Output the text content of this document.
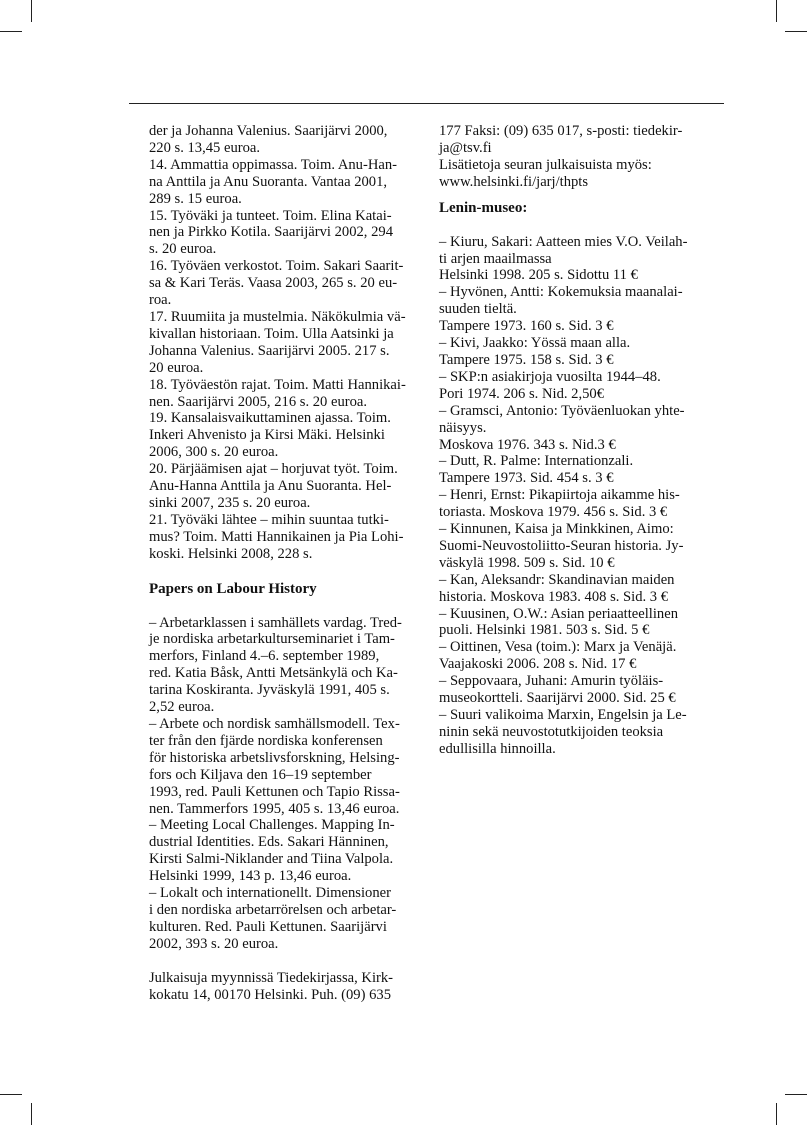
der ja Johanna Valenius. Saarijärvi 2000,
220 s. 13,45 euroa.

14. Ammattia oppimassa. Toim. Anu-Han-
na Anttila ja Anu Suoranta. Vantaa 2001,
289 s. 15 euroa.

15. Työväki ja tunteet. Toim. Elina Katai-
nen ja Pirkko Kotila. Saarijärvi 2002, 294
s. 20 euroa.

16. Työväen verkostot. Toim. Sakari Saarit-
sa & Kari Teräs. Vaasa 2003, 265 s. 20 eu-
roa.

17. Ruumiita ja mustelmia. Näkökulmia vä-
kivallan historiaan. Toim. Ulla Aatsinki ja
Johanna Valenius. Saarijärvi 2005. 217 s.
20 euroa.

18. Työväestön rajat. Toim. Matti Hannikai-
nen. Saarijärvi 2005, 216 s. 20 euroa.

19. Kansalaisvaikuttaminen ajassa. Toim.
Inkeri Ahvenisto ja Kirsi Mäki. Helsinki
2006, 300 s. 20 euroa.

20. Pärjäämisen ajat – horjuvat työt. Toim.
Anu-Hanna Anttila ja Anu Suoranta. Hel-
sinki 2007, 235 s. 20 euroa.

21. Työväki lähtee – mihin suuntaa tutki-
mus? Toim. Matti Hannikainen ja Pia Lohi-
koski. Helsinki 2008, 228 s.

Papers on Labour History

– Arbetarklassen i samhällets vardag. Tred-
je nordiska arbetarkulturseminariet i Tam-
merfors, Finland 4.–6. september 1989,
red. Katia Båsk, Antti Metsänkylä och Ka-
tarina Koskiranta. Jyväskylä 1991, 405 s.
2,52 euroa.

– Arbete och nordisk samhällsmodell. Tex-
ter från den fjärde nordiska konferensen
för historiska arbetslivsforskning, Helsing-
fors och Kiljava den 16–19 september
1993, red. Pauli Kettunen och Tapio Rissa-
nen. Tammerfors 1995, 405 s. 13,46 euroa.

– Meeting Local Challenges. Mapping In-
dustrial Identities. Eds. Sakari Hänninen,
Kirsti Salmi-Niklander and Tiina Valpola.
Helsinki 1999, 143 p. 13,46 euroa.

– Lokalt och internationellt. Dimensioner
i den nordiska arbetarrörelsen och arbetar-
kulturen. Red. Pauli Kettunen. Saarijärvi
2002, 393 s. 20 euroa.

Julkaisuja myynnissä Tiedekirjassa, Kirk-
kokatu 14, 00170 Helsinki. Puh. (09) 635

177 Faksi: (09) 635 017, s-posti: tiedekir-
ja@tsv.fi
Lisätietoja seuran julkaisuista myös:
www.helsinki.fi/jarj/thpts

Lenin-museo:

– Kiuru, Sakari: Aatteen mies V.O. Veilah-
ti arjen maailmassa
Helsinki 1998. 205 s. Sidottu 11 €

– Hyvönen, Antti: Kokemuksia maanalai-
suuden tieltä.
Tampere 1973. 160 s. Sid. 3 €

– Kivi, Jaakko: Yössä maan alla.
Tampere 1975. 158 s. Sid. 3 €

– SKP:n asiakirjoja vuosilta 1944–48.
Pori 1974. 206 s. Nid. 2,50€

– Gramsci, Antonio: Työväenluokan yhte-
näisyys.
Moskova 1976. 343 s. Nid.3 €

– Dutt, R. Palme: Internationzali.
Tampere 1973. Sid. 454 s. 3 €

– Henri, Ernst: Pikapiirtoja aikamme his-
toriasta. Moskova 1979. 456 s. Sid. 3 €

– Kinnunen, Kaisa ja Minkkinen, Aimo:
Suomi-Neuvostoliitto-Seuran historia. Jy-
väskylä 1998. 509 s. Sid. 10 €

– Kan, Aleksandr: Skandinavian maiden
historia. Moskova 1983. 408 s. Sid. 3 €

– Kuusinen, O.W.: Asian periaatteellinen
puoli. Helsinki 1981. 503 s. Sid. 5 €

– Oittinen, Vesa (toim.): Marx ja Venäjä.
Vaajakoski 2006. 208 s. Nid. 17 €

– Seppovaara, Juhani: Amurin työläis-
museokortteli. Saarijärvi 2000. Sid. 25 €

– Suuri valikoima Marxin, Engelsin ja Le-
ninin sekä neuvostotutkijoiden teoksia
edullisilla hinnoilla.
